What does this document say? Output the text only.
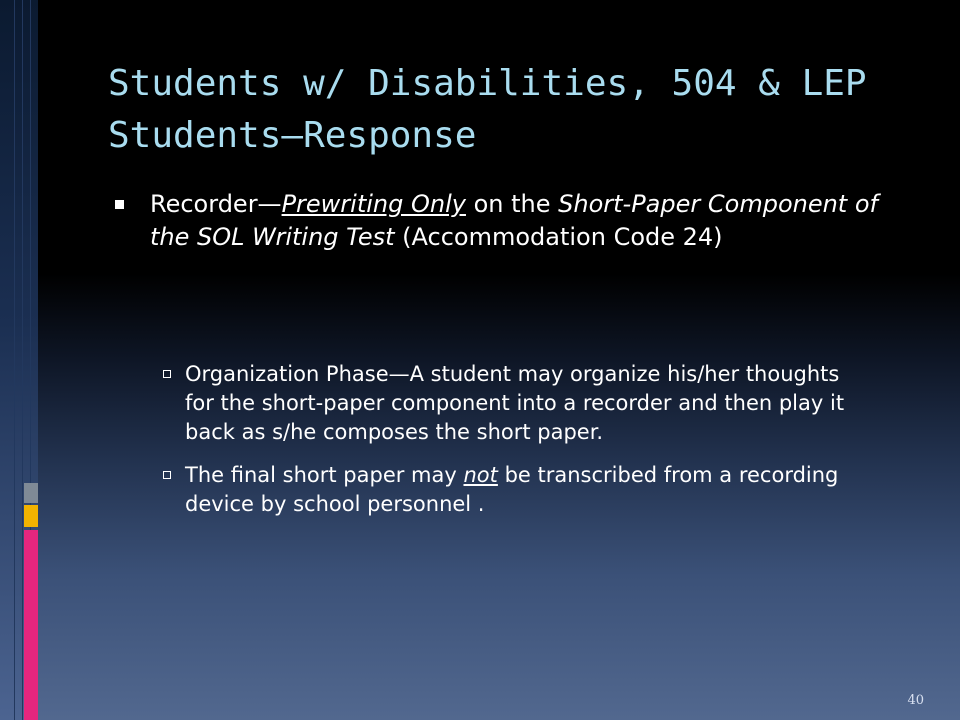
Students w/ Disabilities, 504 & LEP Students—Response
Recorder—Prewriting Only on the Short-Paper Component of the SOL Writing Test (Accommodation Code 24)
Organization Phase—A student may organize his/her thoughts for the short-paper component into a recorder and then play it back as s/he composes the short paper.
The final short paper may not be transcribed from a recording device by school personnel .
40
